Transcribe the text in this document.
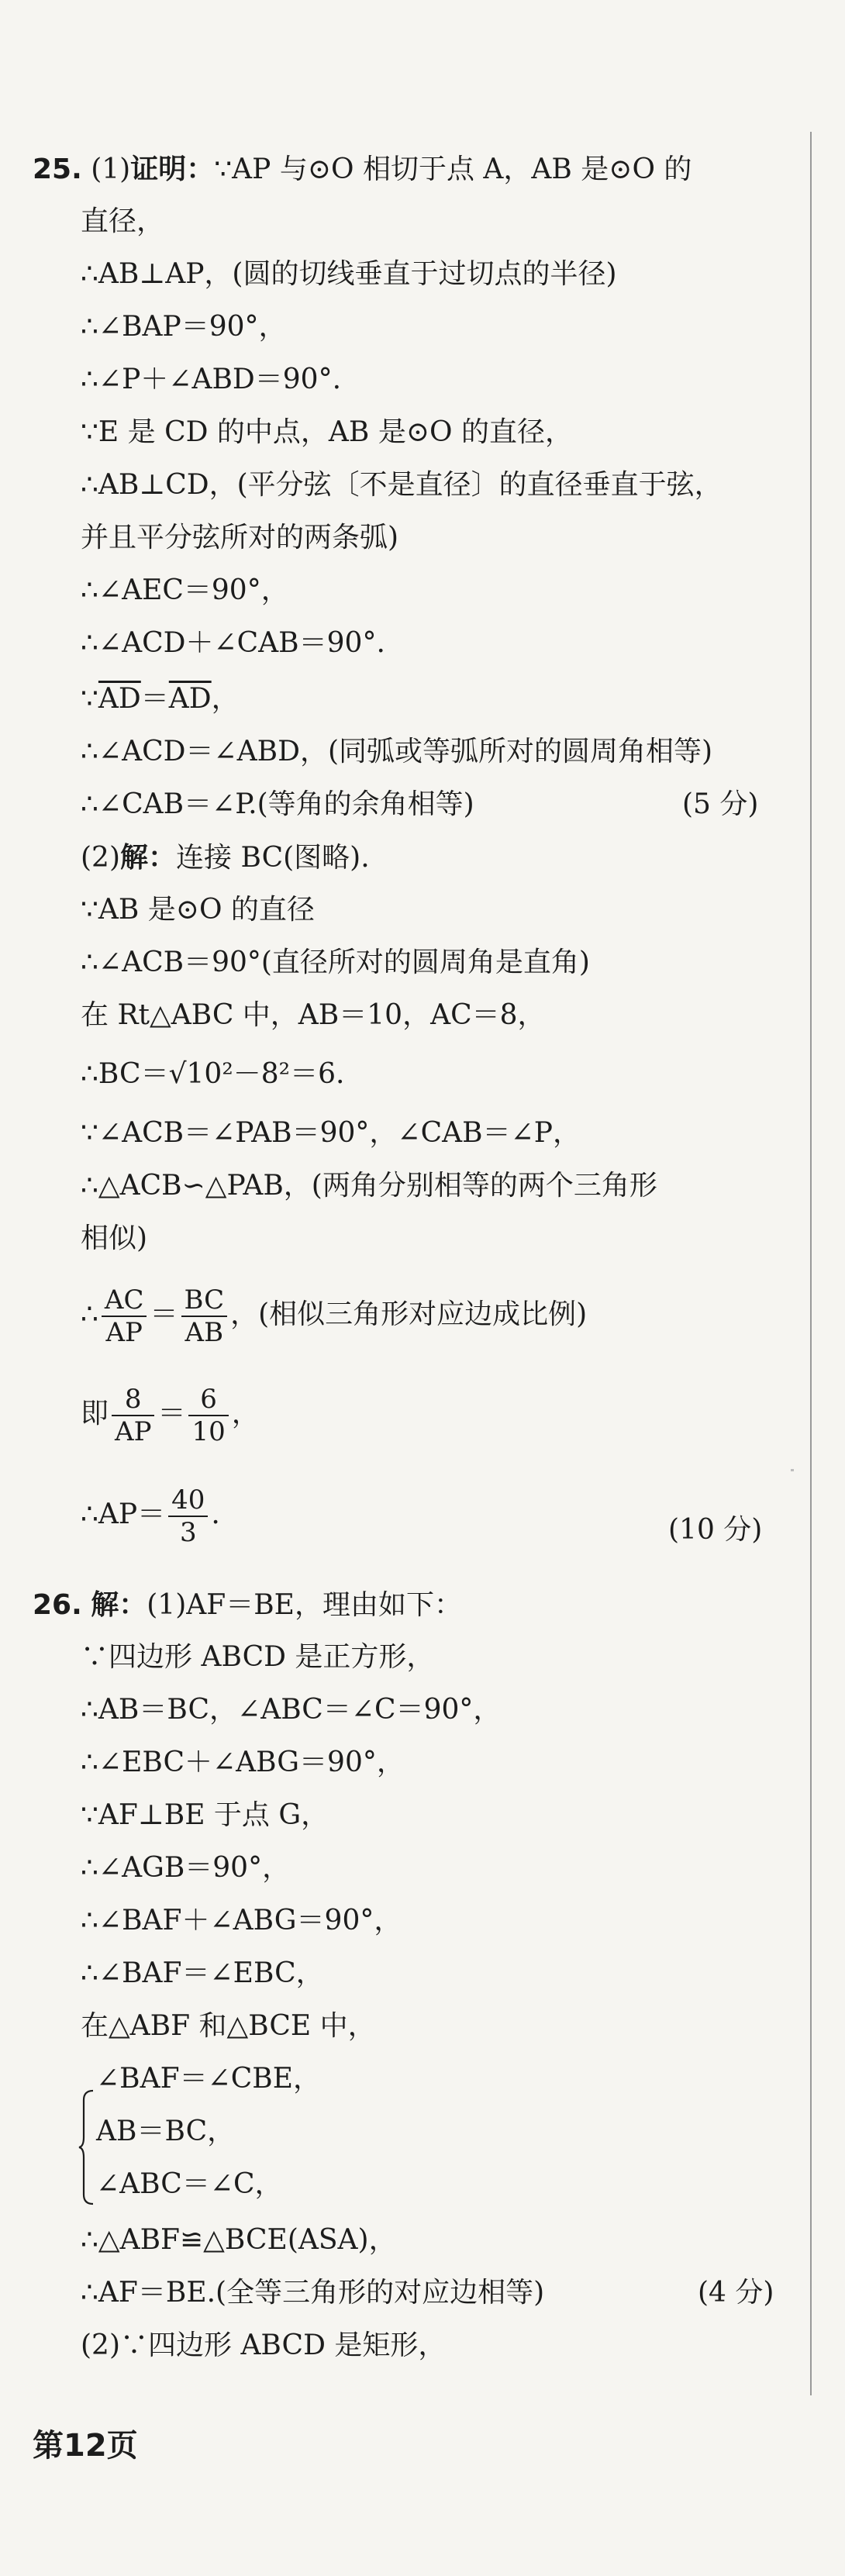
25. (1)证明：∵AP 与⊙O 相切于点 A，AB 是⊙O 的
直径，
∴AB⊥AP，(圆的切线垂直于过切点的半径)
∴∠BAP＝90°，
∴∠P＋∠ABD＝90°.
∵E 是 CD 的中点，AB 是⊙O 的直径，
∴AB⊥CD，(平分弦〔不是直径〕的直径垂直于弦，
并且平分弦所对的两条弧)
∴∠AEC＝90°，
∴∠ACD＋∠CAB＝90°.
$\because\overline{AD}=\overline{AD}$，
∴∠ACD＝∠ABD，(同弧或等弧所对的圆周角相等)
∴∠CAB＝∠P.(等角的余角相等)	(5 分)
(2)解：连接 BC(图略).
∵AB 是⊙O 的直径
∴∠ACB＝90°(直径所对的圆周角是直角)
在 Rt△ABC 中，AB＝10，AC＝8，
∴BC＝√10²－8²＝6.
∵∠ACB＝∠PAB＝90°，∠CAB＝∠P，
∴△ACB∽△PAB，(两角分别相等的两个三角形
相似)
∴ $\frac{AC}{AP} = \frac{BC}{AB}$ ，(相似三角形对应边成比例)
即 $\frac{8}{AP} = \frac{6}{10}$ ，
∴AP＝ $\frac{40}{3}$ .	(10 分)
26. 解：(1)AF＝BE，理由如下：
∵四边形 ABCD 是正方形，
∴AB＝BC，∠ABC＝∠C＝90°，
∴∠EBC＋∠ABG＝90°，
∵AF⊥BE 于点 G，
∴∠AGB＝90°，
∴∠BAF＋∠ABG＝90°，
∴∠BAF＝∠EBC，
在△ABF 和△BCE 中，
∠BAF＝∠CBE，
AB＝BC，
∠ABC＝∠C，
∴△ABF≌△BCE(ASA)，
∴AF＝BE.(全等三角形的对应边相等)	(4 分)
(2)∵四边形 ABCD 是矩形，
第12页
